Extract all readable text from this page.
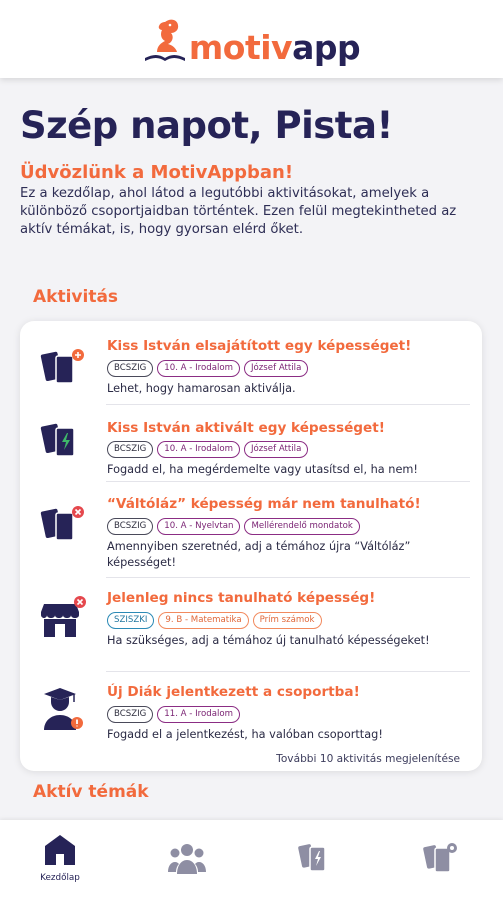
motivapp
Szép napot, Pista!
Üdvözlünk a MotivAppban!
Ez a kezdőlap, ahol látod a legutóbbi aktivitásokat, amelyek a különböző csoportjaidban történtek. Ezen felül megtekintheted az aktív témákat, is, hogy gyorsan elérd őket.
Aktivitás
Kiss István elsajátított egy képességet!
BCSZIG	10. A - Irodalom	József Attila
Lehet, hogy hamarosan aktiválja.
Kiss István aktivált egy képességet!
BCSZIG	10. A - Irodalom	József Attila
Fogadd el, ha megérdemelte vagy utasítsd el, ha nem!
“Váltóláz” képesség már nem tanulható!
BCSZIG	10. A - Nyelvtan	Mellérendelő mondatok
Amennyiben szeretnéd, adj a témához újra “Váltóláz” képességet!
Jelenleg nincs tanulható képesség!
SZISZKI	9. B - Matematika	Prím számok
Ha szükséges, adj a témához új tanulható képességeket!
Új Diák jelentkezett a csoportba!
BCSZIG	11. A - Irodalom
Fogadd el a jelentkezést, ha valóban csoporttag!
További 10 aktivitás megjelenítése
Aktív témák
Kezdőlap
